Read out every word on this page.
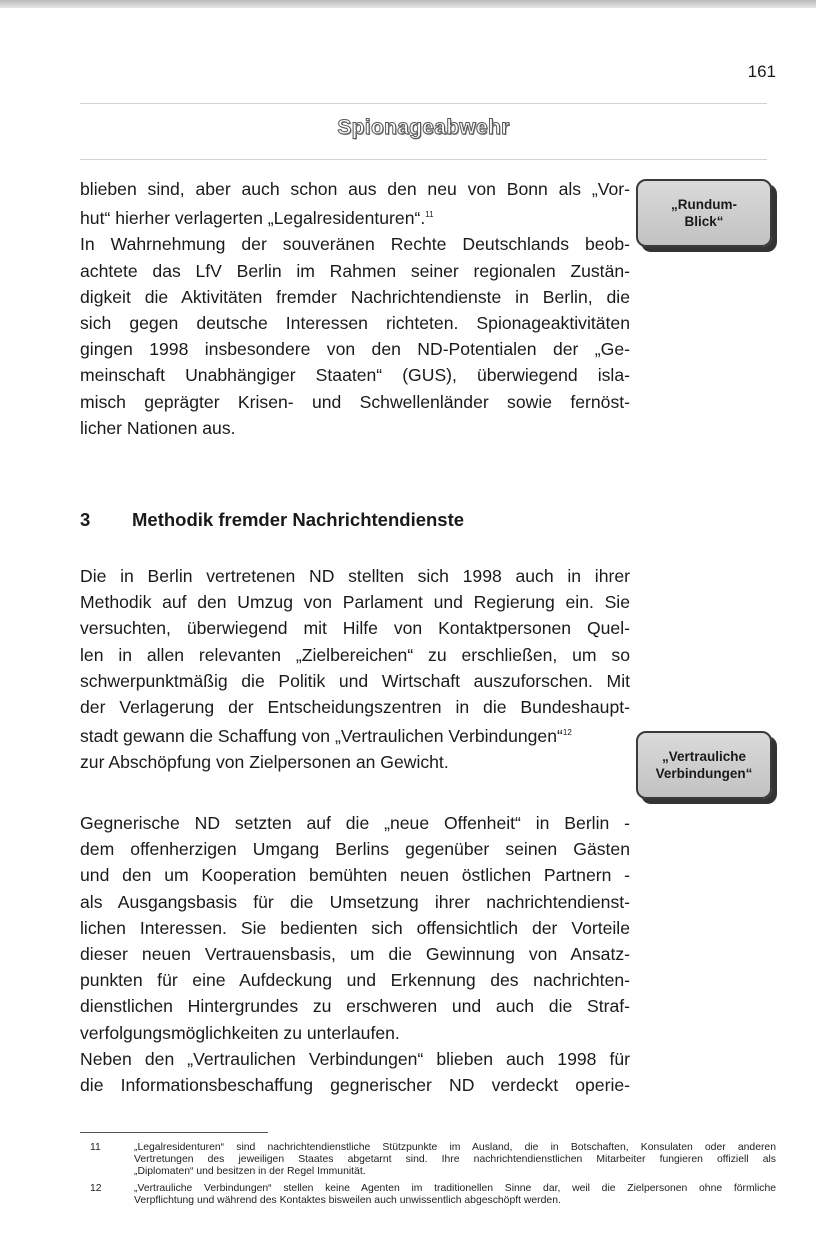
161
Spionageabwehr
blieben sind, aber auch schon aus den neu von Bonn als „Vor-
hut“ hierher verlagerten „Legalresidenturen“.$^{11}$
In Wahrnehmung der souveränen Rechte Deutschlands beob-
achtete das LfV Berlin im Rahmen seiner regionalen Zustän-
digkeit die Aktivitäten fremder Nachrichtendienste in Berlin, die
sich gegen deutsche Interessen richteten. Spionageaktivitäten
gingen 1998 insbesondere von den ND-Potentialen der „Ge-
meinschaft Unabhängiger Staaten“ (GUS), überwiegend isla-
misch geprägter Krisen- und Schwellenländer sowie fernöst-
licher Nationen aus.
„Rundum-
Blick“
3 Methodik fremder Nachrichtendienste
Die in Berlin vertretenen ND stellten sich 1998 auch in ihrer
Methodik auf den Umzug von Parlament und Regierung ein. Sie
versuchten, überwiegend mit Hilfe von Kontaktpersonen Quel-
len in allen relevanten „Zielbereichen“ zu erschließen, um so
schwerpunktmäßig die Politik und Wirtschaft auszuforschen. Mit
der Verlagerung der Entscheidungszentren in die Bundeshaupt-
stadt gewann die Schaffung von „Vertraulichen Verbindungen“$^{12}$
zur Abschöpfung von Zielpersonen an Gewicht.	„Vertrauliche
Verbindungen“
Gegnerische ND setzten auf die „neue Offenheit“ in Berlin -
dem offenherzigen Umgang Berlins gegenüber seinen Gästen
und den um Kooperation bemühten neuen östlichen Partnern -
als Ausgangsbasis für die Umsetzung ihrer nachrichtendienst-
lichen Interessen. Sie bedienten sich offensichtlich der Vorteile
dieser neuen Vertrauensbasis, um die Gewinnung von Ansatz-
punkten für eine Aufdeckung und Erkennung des nachrichten-
dienstlichen Hintergrundes zu erschweren und auch die Straf-
verfolgungsmöglichkeiten zu unterlaufen.
Neben den „Vertraulichen Verbindungen“ blieben auch 1998 für
die Informationsbeschaffung gegnerischer ND verdeckt operie-
11	„Legalresidenturen“ sind nachrichtendienstliche Stützpunkte im Ausland, die in Botschaften, Konsulaten oder anderen
Vertretungen des jeweiligen Staates abgetarnt sind. Ihre nachrichtendienstlichen Mitarbeiter fungieren offiziell als
„Diplomaten“ und besitzen in der Regel Immunität.
12	„Vertrauliche Verbindungen“ stellen keine Agenten im traditionellen Sinne dar, weil die Zielpersonen ohne förmliche
Verpflichtung und während des Kontaktes bisweilen auch unwissentlich abgeschöpft werden.
